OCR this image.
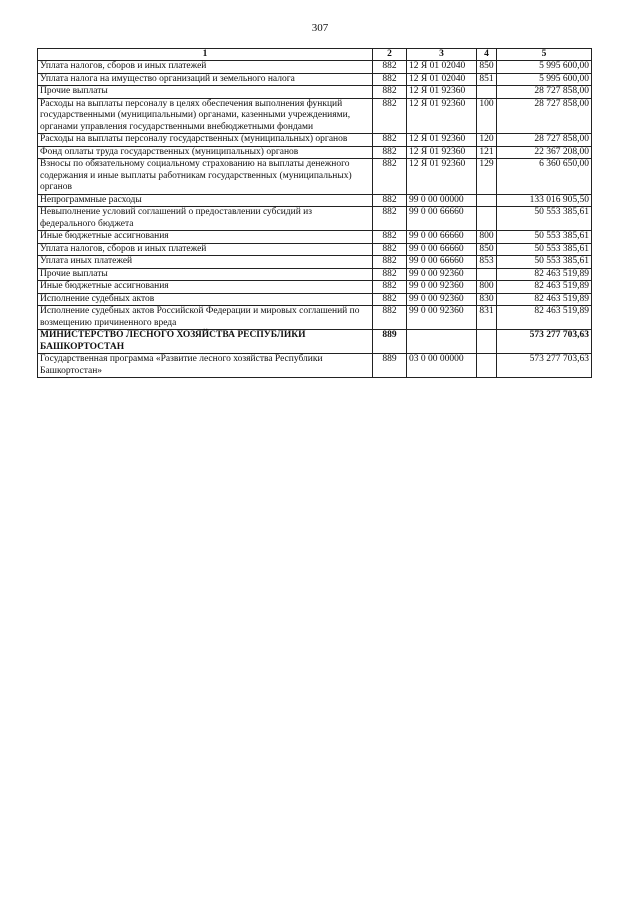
307
1	2	3	4	5
Уплата налогов, сборов и иных платежей	882	12 Я 01 02040	850	5 995 600,00
Уплата налога на имущество организаций и земельного налога	882	12 Я 01 02040	851	5 995 600,00
Прочие выплаты	882	12 Я 01 92360		28 727 858,00
Расходы на выплаты персоналу в целях обеспечения выполнения функций государственными (муниципальными) органами, казенными учреждениями, органами управления государственными внебюджетными фондами	882	12 Я 01 92360	100	28 727 858,00
Расходы на выплаты персоналу государственных (муниципальных) органов	882	12 Я 01 92360	120	28 727 858,00
Фонд оплаты труда государственных (муниципальных) органов	882	12 Я 01 92360	121	22 367 208,00
Взносы по обязательному социальному страхованию на выплаты денежного содержания и иные выплаты работникам государственных (муниципальных) органов	882	12 Я 01 92360	129	6 360 650,00
Непрограммные расходы	882	99 0 00 00000		133 016 905,50
Невыполнение условий соглашений о предоставлении субсидий из федерального бюджета	882	99 0 00 66660		50 553 385,61
Иные бюджетные ассигнования	882	99 0 00 66660	800	50 553 385,61
Уплата налогов, сборов и иных платежей	882	99 0 00 66660	850	50 553 385,61
Уплата иных платежей	882	99 0 00 66660	853	50 553 385,61
Прочие выплаты	882	99 0 00 92360		82 463 519,89
Иные бюджетные ассигнования	882	99 0 00 92360	800	82 463 519,89
Исполнение судебных актов	882	99 0 00 92360	830	82 463 519,89
Исполнение судебных актов Российской Федерации и мировых соглашений по возмещению причиненного вреда	882	99 0 00 92360	831	82 463 519,89
МИНИСТЕРСТВО ЛЕСНОГО ХОЗЯЙСТВА РЕСПУБЛИКИ БАШКОРТОСТАН	889			573 277 703,63
Государственная программа «Развитие лесного хозяйства Республики Башкортостан»	889	03 0 00 00000		573 277 703,63
